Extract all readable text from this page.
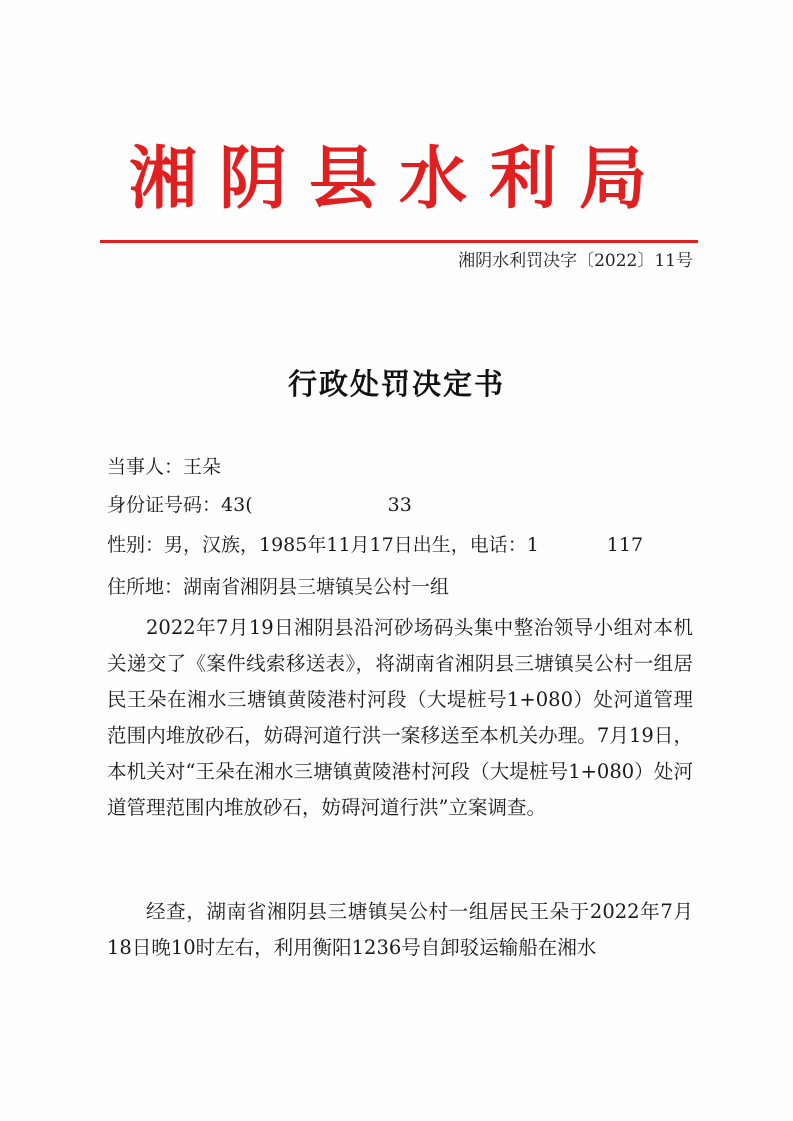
湘阴县水利局
湘阴水利罚决字〔2022〕11号
行政处罚决定书
当事人：王朵
身份证号码：43(	33
性别：男，汉族，1985年11月17日出生，电话：1	117
住所地：湖南省湘阴县三塘镇吴公村一组
2022年7月19日湘阴县沿河砂场码头集中整治领导小组对本机关递交了《案件线索移送表》，将湖南省湘阴县三塘镇吴公村一组居民王朵在湘水三塘镇黄陵港村河段（大堤桩号1+080）处河道管理范围内堆放砂石，妨碍河道行洪一案移送至本机关办理。7月19日，本机关对“王朵在湘水三塘镇黄陵港村河段（大堤桩号1+080）处河道管理范围内堆放砂石，妨碍河道行洪”立案调查。
经查，湖南省湘阴县三塘镇吴公村一组居民王朵于2022年7月18日晚10时左右，利用衡阳1236号自卸驳运输船在湘水
